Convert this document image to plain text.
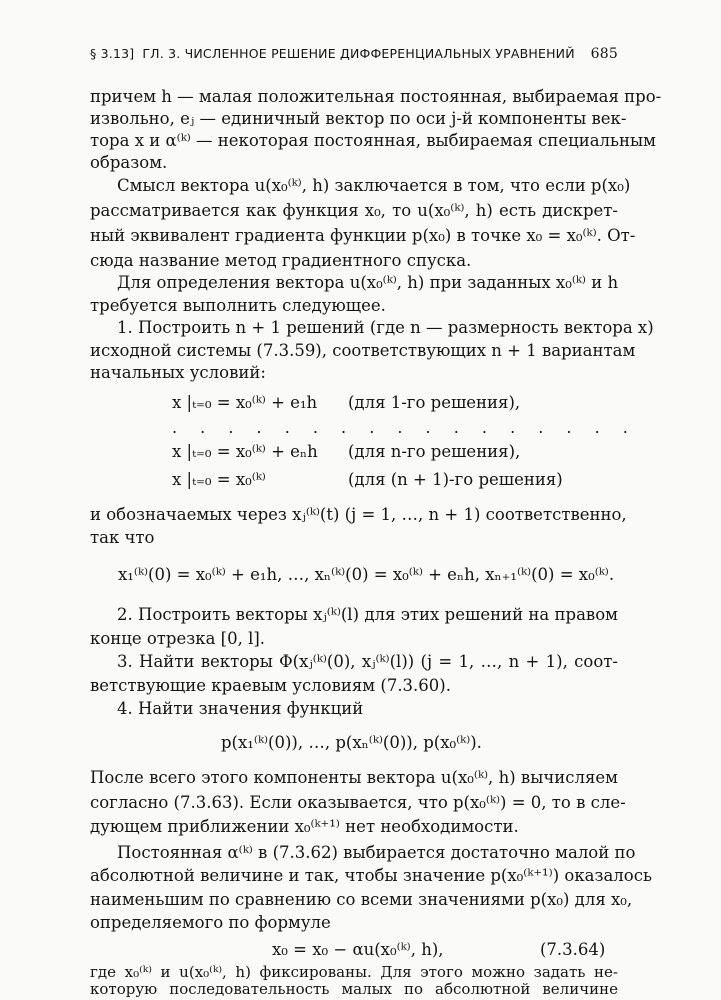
§ 3.13] ГЛ. 3. ЧИСЛЕННОЕ РЕШЕНИЕ ДИФФЕРЕНЦИАЛЬНЫХ УРАВНЕНИЙ	685
причем h — малая положительная постоянная, выбираемая про-
извольно, eⱼ — единичный вектор по оси j-й компоненты век-
тора x и α⁽ᵏ⁾ — некоторая постоянная, выбираемая специальным
образом.
Смысл вектора u(x₀⁽ᵏ⁾, h) заключается в том, что если p(x₀)
рассматривается как функция x₀, то u(x₀⁽ᵏ⁾, h) есть дискрет-
ный эквивалент градиента функции p(x₀) в точке x₀ = x₀⁽ᵏ⁾. От-
сюда название метод градиентного спуска.
Для определения вектора u(x₀⁽ᵏ⁾, h) при заданных x₀⁽ᵏ⁾ и h
требуется выполнить следующее.
1. Построить n + 1 решений (где n — размерность вектора x)
исходной системы (7.3.59), соответствующих n + 1 вариантам
начальных условий:
x |ₜ₌₀ = x₀⁽ᵏ⁾ + e₁h (для 1-го решения),
. . . . . . . . . . . . . . . . .
x |ₜ₌₀ = x₀⁽ᵏ⁾ + eₙh (для n-го решения),
x |ₜ₌₀ = x₀⁽ᵏ⁾	(для (n + 1)-го решения)
и обозначаемых через xⱼ⁽ᵏ⁾(t) (j = 1, …, n + 1) соответственно,
так что
x₁⁽ᵏ⁾(0) = x₀⁽ᵏ⁾ + e₁h, …, xₙ⁽ᵏ⁾(0) = x₀⁽ᵏ⁾ + eₙh, xₙ₊₁⁽ᵏ⁾(0) = x₀⁽ᵏ⁾.
2. Построить векторы xⱼ⁽ᵏ⁾(l) для этих решений на правом
конце отрезка [0, l].
3. Найти векторы Φ(xⱼ⁽ᵏ⁾(0), xⱼ⁽ᵏ⁾(l)) (j = 1, …, n + 1), соот-
ветствующие краевым условиям (7.3.60).
4. Найти значения функций
p(x₁⁽ᵏ⁾(0)), …, p(xₙ⁽ᵏ⁾(0)), p(x₀⁽ᵏ⁾).
После всего этого компоненты вектора u(x₀⁽ᵏ⁾, h) вычисляем
согласно (7.3.63). Если оказывается, что p(x₀⁽ᵏ⁾) = 0, то в сле-
дующем приближении x₀⁽ᵏ⁺¹⁾ нет необходимости.
Постоянная α⁽ᵏ⁾ в (7.3.62) выбирается достаточно малой по
абсолютной величине и так, чтобы значение p(x₀⁽ᵏ⁺¹⁾) оказалось
наименьшим по сравнению со всеми значениями p(x₀) для x₀,
определяемого по формуле
x₀ = x₀ − αu(x₀⁽ᵏ⁾, h),	(7.3.64)
где x₀⁽ᵏ⁾ и u(x₀⁽ᵏ⁾, h) фиксированы. Для этого можно задать не-
которую последовательность малых по абсолютной величине
